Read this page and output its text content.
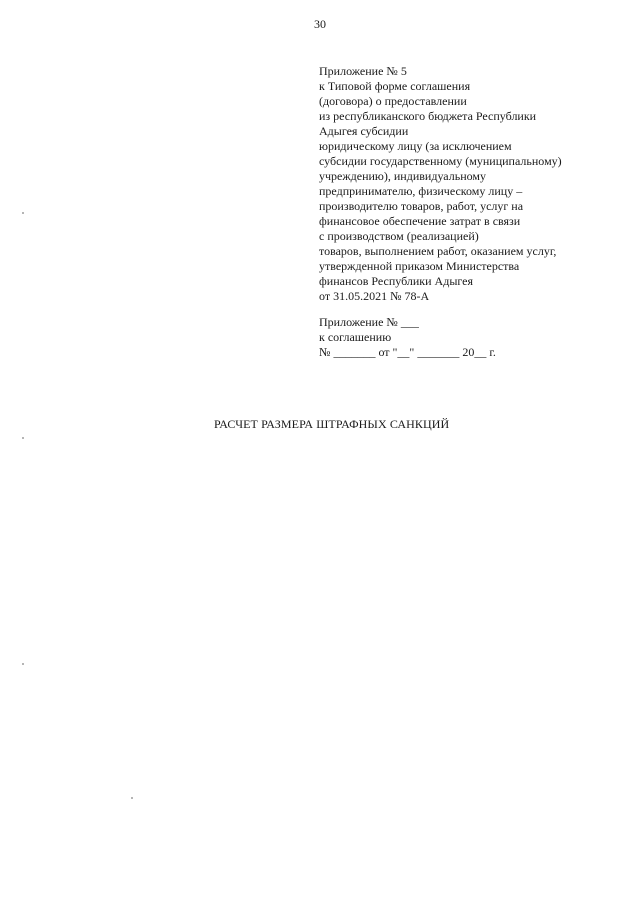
30
Приложение № 5
к Типовой форме соглашения
(договора) о предоставлении
из республиканского бюджета Республики
Адыгея субсидии
юридическому лицу (за исключением
субсидии государственному (муниципальному)
учреждению), индивидуальному
предпринимателю, физическому лицу –
производителю товаров, работ, услуг на
финансовое обеспечение затрат в связи
с производством (реализацией)
товаров, выполнением работ, оказанием услуг,
утвержденной приказом Министерства
финансов Республики Адыгея
от 31.05.2021 № 78-А
Приложение № ___
к соглашению
№ _______ от "__" _______ 20__ г.
РАСЧЕТ РАЗМЕРА ШТРАФНЫХ САНКЦИЙ
